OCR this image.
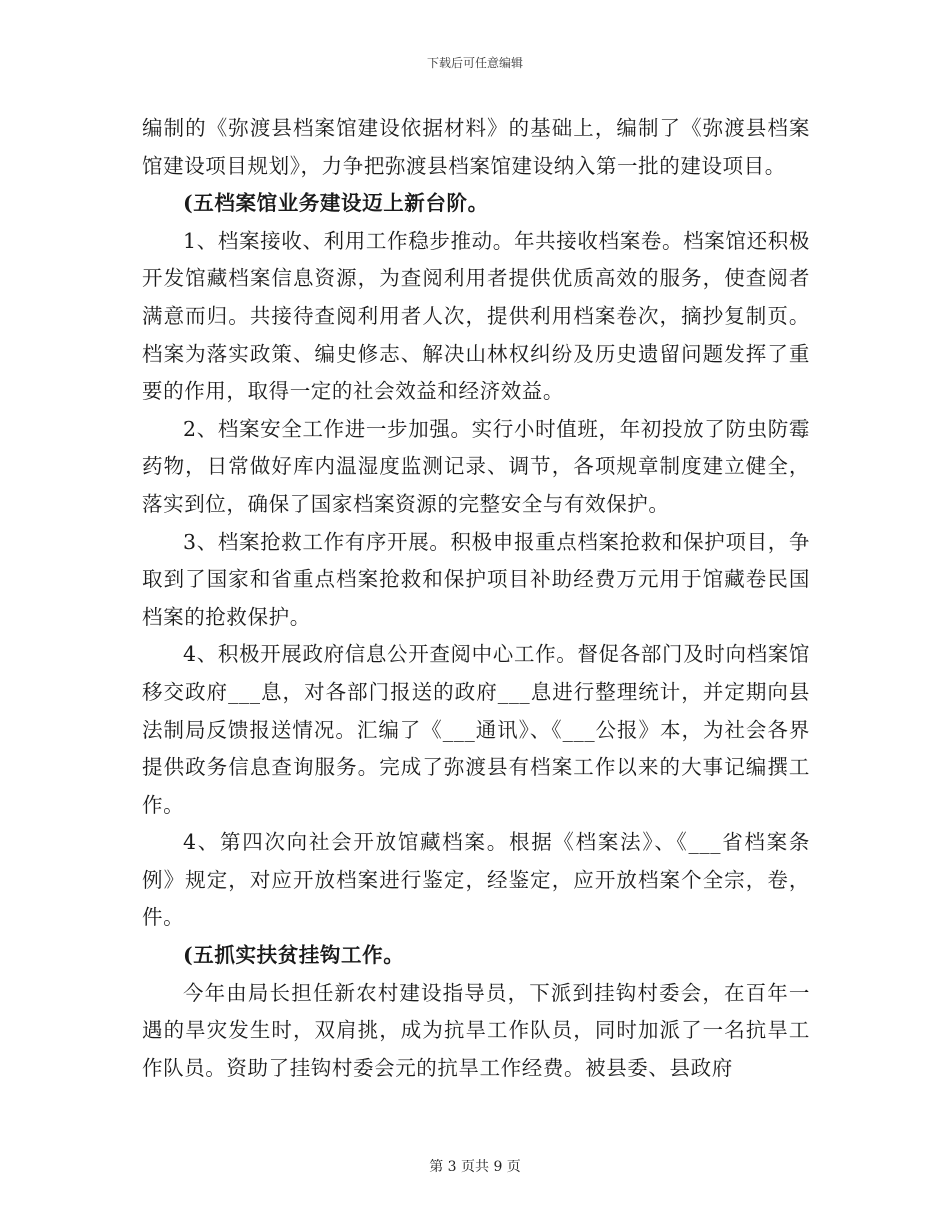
下载后可任意编辑

编制的《弥渡县档案馆建设依据材料》的基础上，编制了《弥渡县档案馆建设项目规划》，力争把弥渡县档案馆建设纳入第一批的建设项目。

(五档案馆业务建设迈上新台阶。

1、档案接收、利用工作稳步推动。年共接收档案卷。档案馆还积极开发馆藏档案信息资源，为查阅利用者提供优质高效的服务，使查阅者满意而归。共接待查阅利用者人次，提供利用档案卷次，摘抄复制页。档案为落实政策、编史修志、解决山林权纠纷及历史遗留问题发挥了重要的作用，取得一定的社会效益和经济效益。

2、档案安全工作进一步加强。实行小时值班，年初投放了防虫防霉药物，日常做好库内温湿度监测记录、调节，各项规章制度建立健全，落实到位，确保了国家档案资源的完整安全与有效保护。

3、档案抢救工作有序开展。积极申报重点档案抢救和保护项目，争取到了国家和省重点档案抢救和保护项目补助经费万元用于馆藏卷民国档案的抢救保护。

4、积极开展政府信息公开查阅中心工作。督促各部门及时向档案馆移交政府___息，对各部门报送的政府___息进行整理统计，并定期向县法制局反馈报送情况。汇编了《___通讯》、《___公报》本，为社会各界提供政务信息查询服务。完成了弥渡县有档案工作以来的大事记编撰工作。

4、第四次向社会开放馆藏档案。根据《档案法》、《___省档案条例》规定，对应开放档案进行鉴定，经鉴定，应开放档案个全宗，卷，件。

(五抓实扶贫挂钩工作。

今年由局长担任新农村建设指导员，下派到挂钩村委会，在百年一遇的旱灾发生时，双肩挑，成为抗旱工作队员，同时加派了一名抗旱工作队员。资助了挂钩村委会元的抗旱工作经费。被县委、县政府

第 3 页共 9 页
